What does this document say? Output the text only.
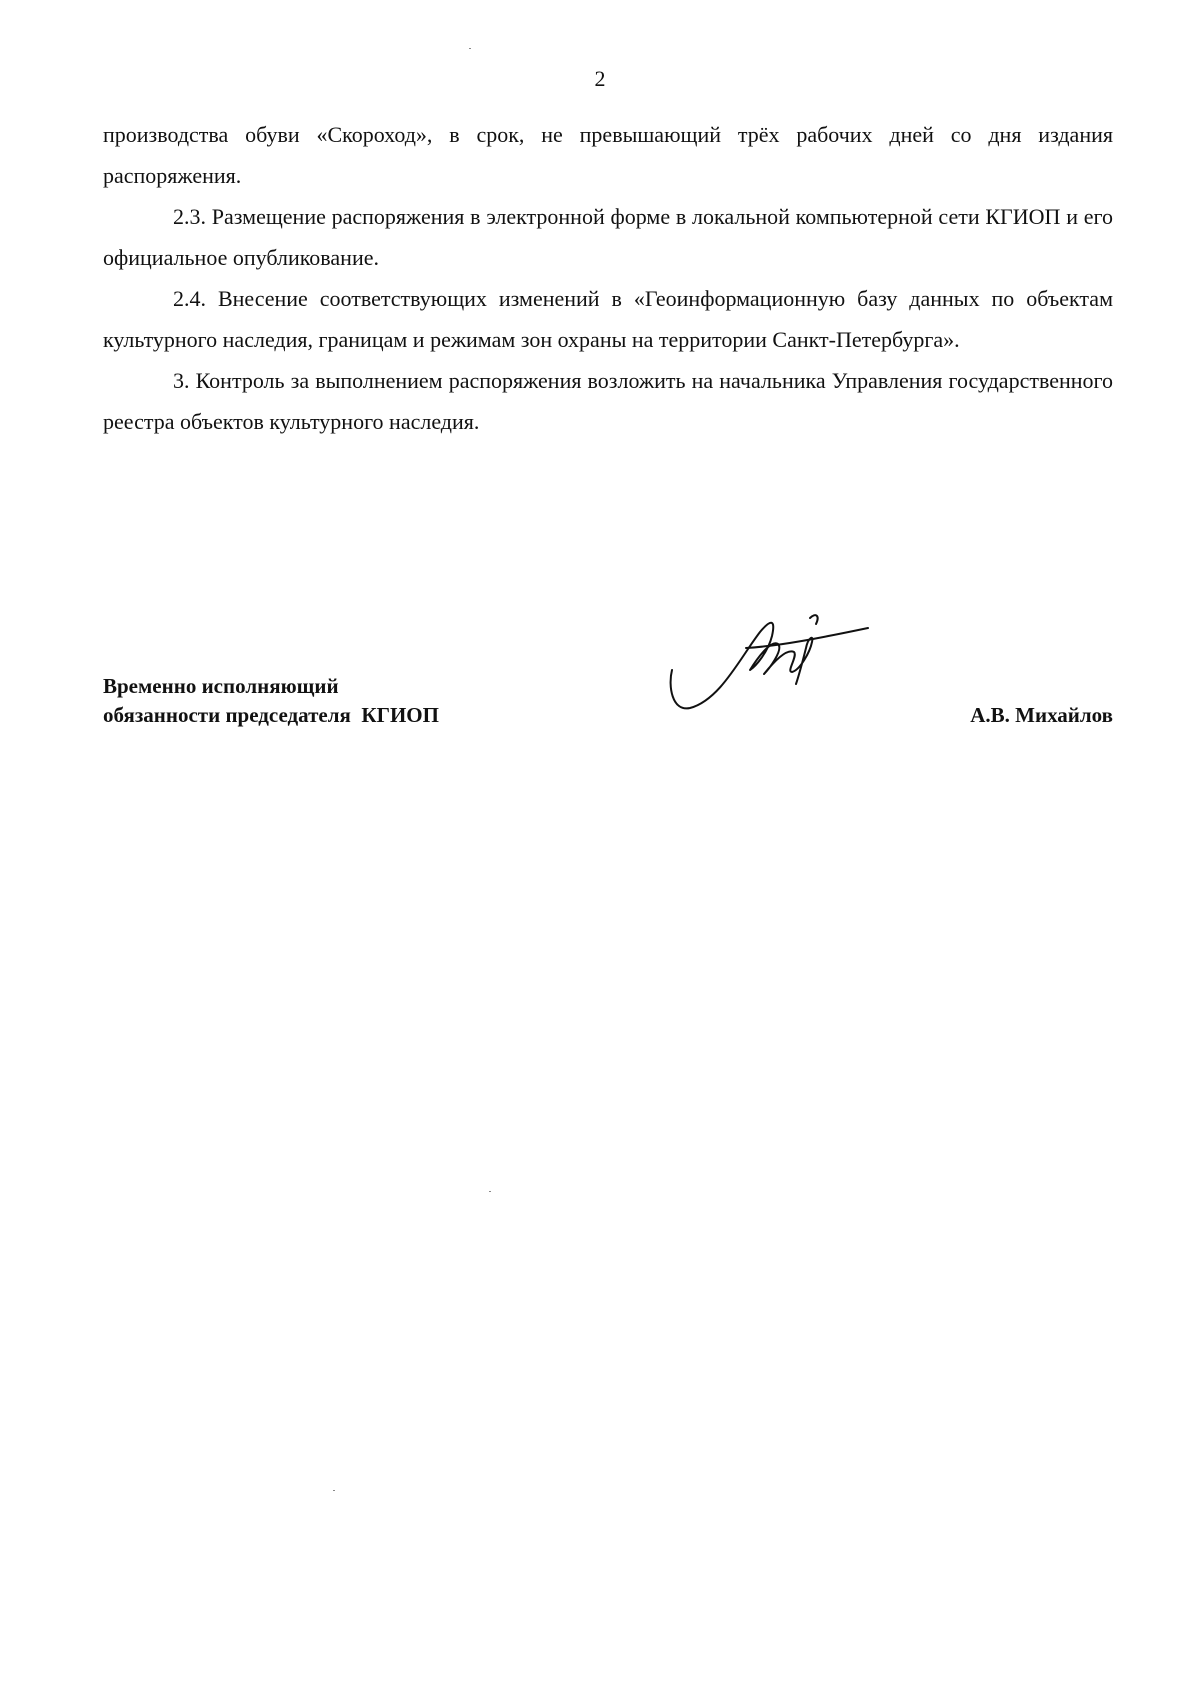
2

производства обуви «Скороход», в срок, не превышающий трёх рабочих дней со дня издания распоряжения.

2.3. Размещение распоряжения в электронной форме в локальной компьютерной сети КГИОП и его официальное опубликование.

2.4. Внесение соответствующих изменений в «Геоинформационную базу данных по объектам культурного наследия, границам и режимам зон охраны на территории Санкт-Петербурга».

3. Контроль за выполнением распоряжения возложить на начальника Управления государственного реестра объектов культурного наследия.

Временно исполняющий
обязанности председателя  КГИОП	А.В. Михайлов
